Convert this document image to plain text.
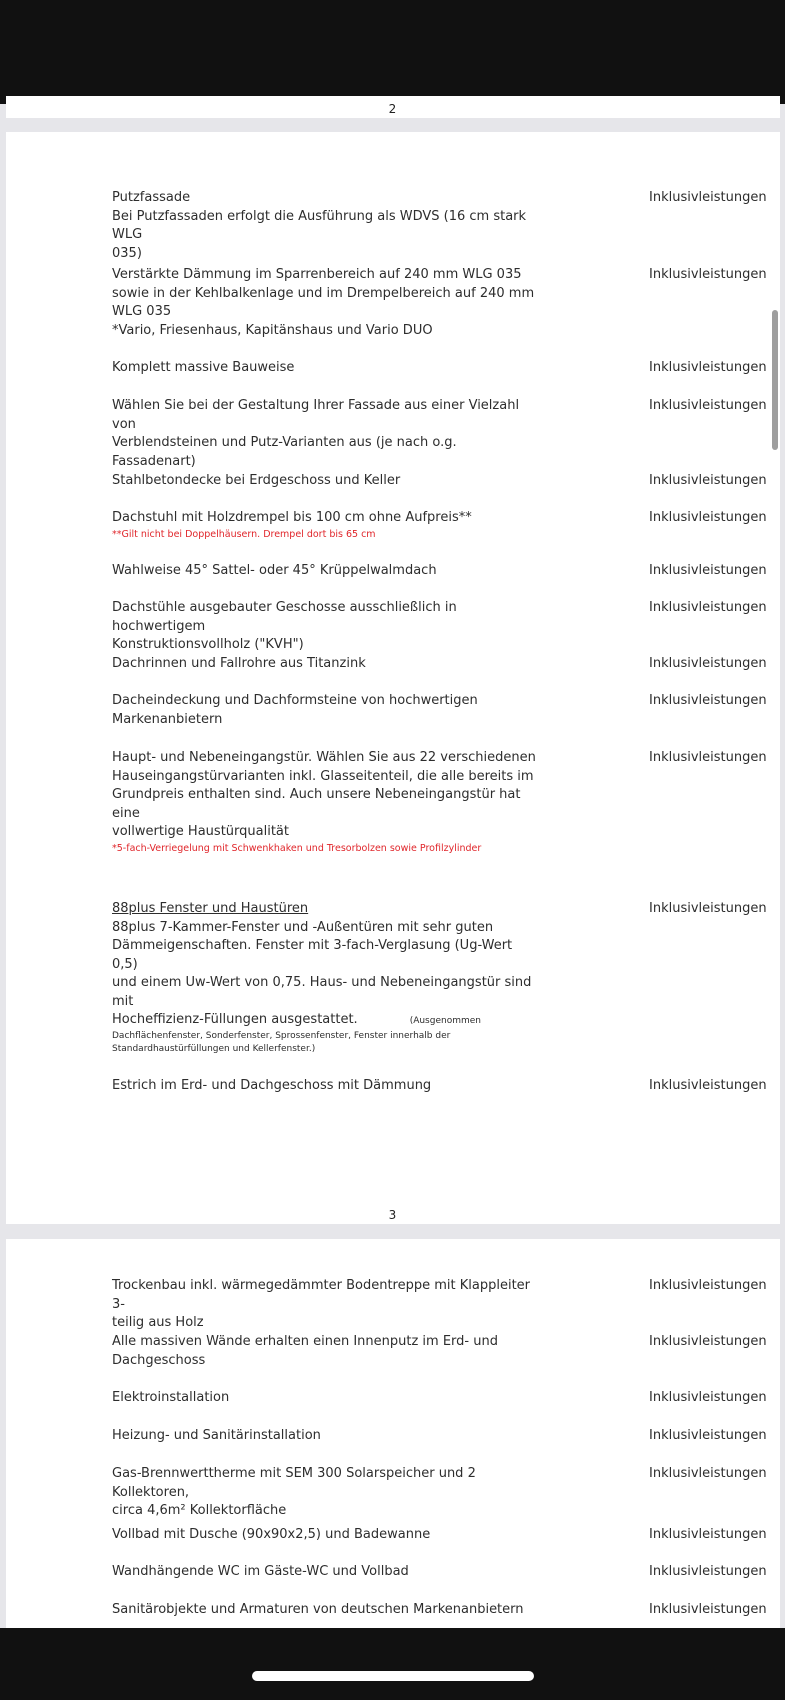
2
3
Putzfassade
Bei Putzfassaden erfolgt die Ausführung als WDVS (16 cm stark WLG
035)
Inklusivleistungen
Verstärkte Dämmung im Sparrenbereich auf 240 mm WLG 035
sowie in der Kehlbalkenlage und im Drempelbereich auf 240 mm
WLG 035
*Vario, Friesenhaus, Kapitänshaus und Vario DUO
Inklusivleistungen
Komplett massive Bauweise	Inklusivleistungen
Wählen Sie bei der Gestaltung Ihrer Fassade aus einer Vielzahl von
Verblendsteinen und Putz-Varianten aus (je nach o.g. Fassadenart)
Inklusivleistungen
Stahlbetondecke bei Erdgeschoss und Keller	Inklusivleistungen
Dachstuhl mit Holzdrempel bis 100 cm ohne Aufpreis**
**Gilt nicht bei Doppelhäusern. Drempel dort bis 65 cm
Inklusivleistungen
Wahlweise 45° Sattel- oder 45° Krüppelwalmdach	Inklusivleistungen
Dachstühle ausgebauter Geschosse ausschließlich in hochwertigem
Konstruktionsvollholz ("KVH")
Inklusivleistungen
Dachrinnen und Fallrohre aus Titanzink	Inklusivleistungen
Dacheindeckung und Dachformsteine von hochwertigen
Markenanbietern
Inklusivleistungen
Haupt- und Nebeneingangstür. Wählen Sie aus 22 verschiedenen
Hauseingangstürvarianten inkl. Glasseitenteil, die alle bereits im
Grundpreis enthalten sind. Auch unsere Nebeneingangstür hat eine
vollwertige Haustürqualität
*5-fach-Verriegelung mit Schwenkhaken und Tresorbolzen sowie Profilzylinder
Inklusivleistungen
88plus Fenster und Haustüren
88plus 7-Kammer-Fenster und -Außentüren mit sehr guten
Dämmeigenschaften. Fenster mit 3-fach-Verglasung (Ug-Wert 0,5)
und einem Uw-Wert von 0,75. Haus- und Nebeneingangstür sind mit
Hocheffizienz-Füllungen ausgestattet.	(Ausgenommen
Dachflächenfenster, Sonderfenster, Sprossenfenster, Fenster innerhalb der
Standardhaustürfüllungen und Kellerfenster.)
Inklusivleistungen
Estrich im Erd- und Dachgeschoss mit Dämmung	Inklusivleistungen
Trockenbau inkl. wärmegedämmter Bodentreppe mit Klappleiter 3-
teilig aus Holz
Inklusivleistungen
Alle massiven Wände erhalten einen Innenputz im Erd- und
Dachgeschoss
Inklusivleistungen
Elektroinstallation	Inklusivleistungen
Heizung- und Sanitärinstallation	Inklusivleistungen
Gas-Brennwerttherme mit SEM 300 Solarspeicher und 2 Kollektoren,
circa 4,6m² Kollektorfläche
Inklusivleistungen
Vollbad mit Dusche (90x90x2,5) und Badewanne	Inklusivleistungen
Wandhängende WC im Gäste-WC und Vollbad	Inklusivleistungen
Sanitärobjekte und Armaturen von deutschen Markenanbietern	Inklusivleistungen
